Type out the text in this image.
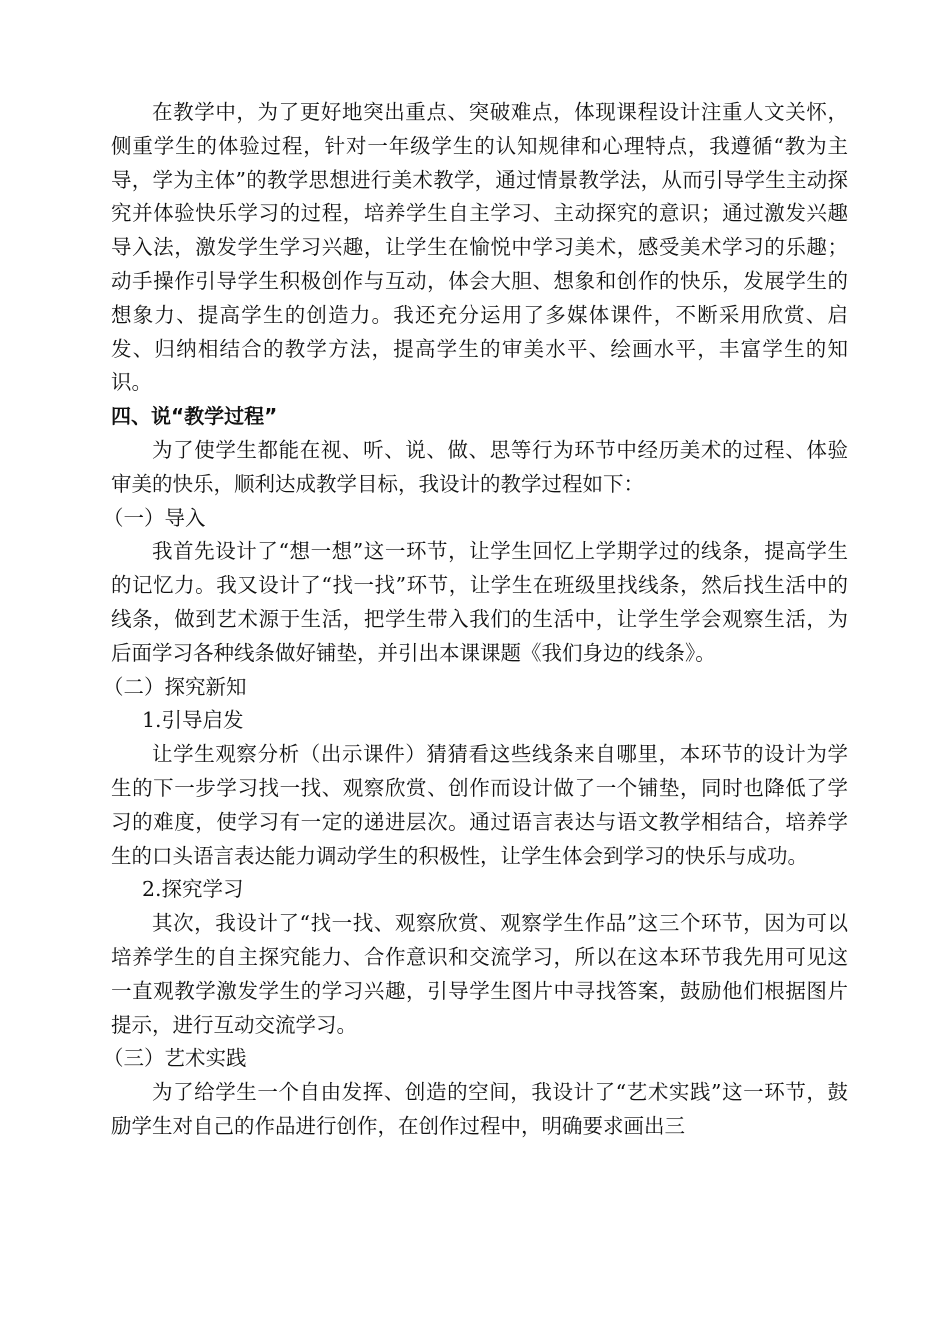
在教学中，为了更好地突出重点、突破难点，体现课程设计注重人文关怀，侧重学生的体验过程，针对一年级学生的认知规律和心理特点，我遵循“教为主导，学为主体”的教学思想进行美术教学，通过情景教学法，从而引导学生主动探究并体验快乐学习的过程，培养学生自主学习、主动探究的意识；通过激发兴趣导入法，激发学生学习兴趣，让学生在愉悦中学习美术，感受美术学习的乐趣；动手操作引导学生积极创作与互动，体会大胆、想象和创作的快乐，发展学生的想象力、提高学生的创造力。我还充分运用了多媒体课件，不断采用欣赏、启发、归纳相结合的教学方法，提高学生的审美水平、绘画水平，丰富学生的知识。

四、说“教学过程”

为了使学生都能在视、听、说、做、思等行为环节中经历美术的过程、体验审美的快乐，顺利达成教学目标，我设计的教学过程如下：

（一）导入

我首先设计了“想一想”这一环节，让学生回忆上学期学过的线条，提高学生的记忆力。我又设计了“找一找”环节，让学生在班级里找线条，然后找生活中的线条，做到艺术源于生活，把学生带入我们的生活中，让学生学会观察生活，为后面学习各种线条做好铺垫，并引出本课课题《我们身边的线条》。

（二）探究新知

1.引导启发

让学生观察分析（出示课件）猜猜看这些线条来自哪里，本环节的设计为学生的下一步学习找一找、观察欣赏、创作而设计做了一个铺垫，同时也降低了学习的难度，使学习有一定的递进层次。通过语言表达与语文教学相结合，培养学生的口头语言表达能力调动学生的积极性，让学生体会到学习的快乐与成功。

2.探究学习

其次，我设计了“找一找、观察欣赏、观察学生作品”这三个环节，因为可以培养学生的自主探究能力、合作意识和交流学习，所以在这本环节我先用可见这一直观教学激发学生的学习兴趣，引导学生图片中寻找答案，鼓励他们根据图片提示，进行互动交流学习。

（三）艺术实践

为了给学生一个自由发挥、创造的空间，我设计了“艺术实践”这一环节，鼓励学生对自己的作品进行创作，在创作过程中，明确要求画出三
